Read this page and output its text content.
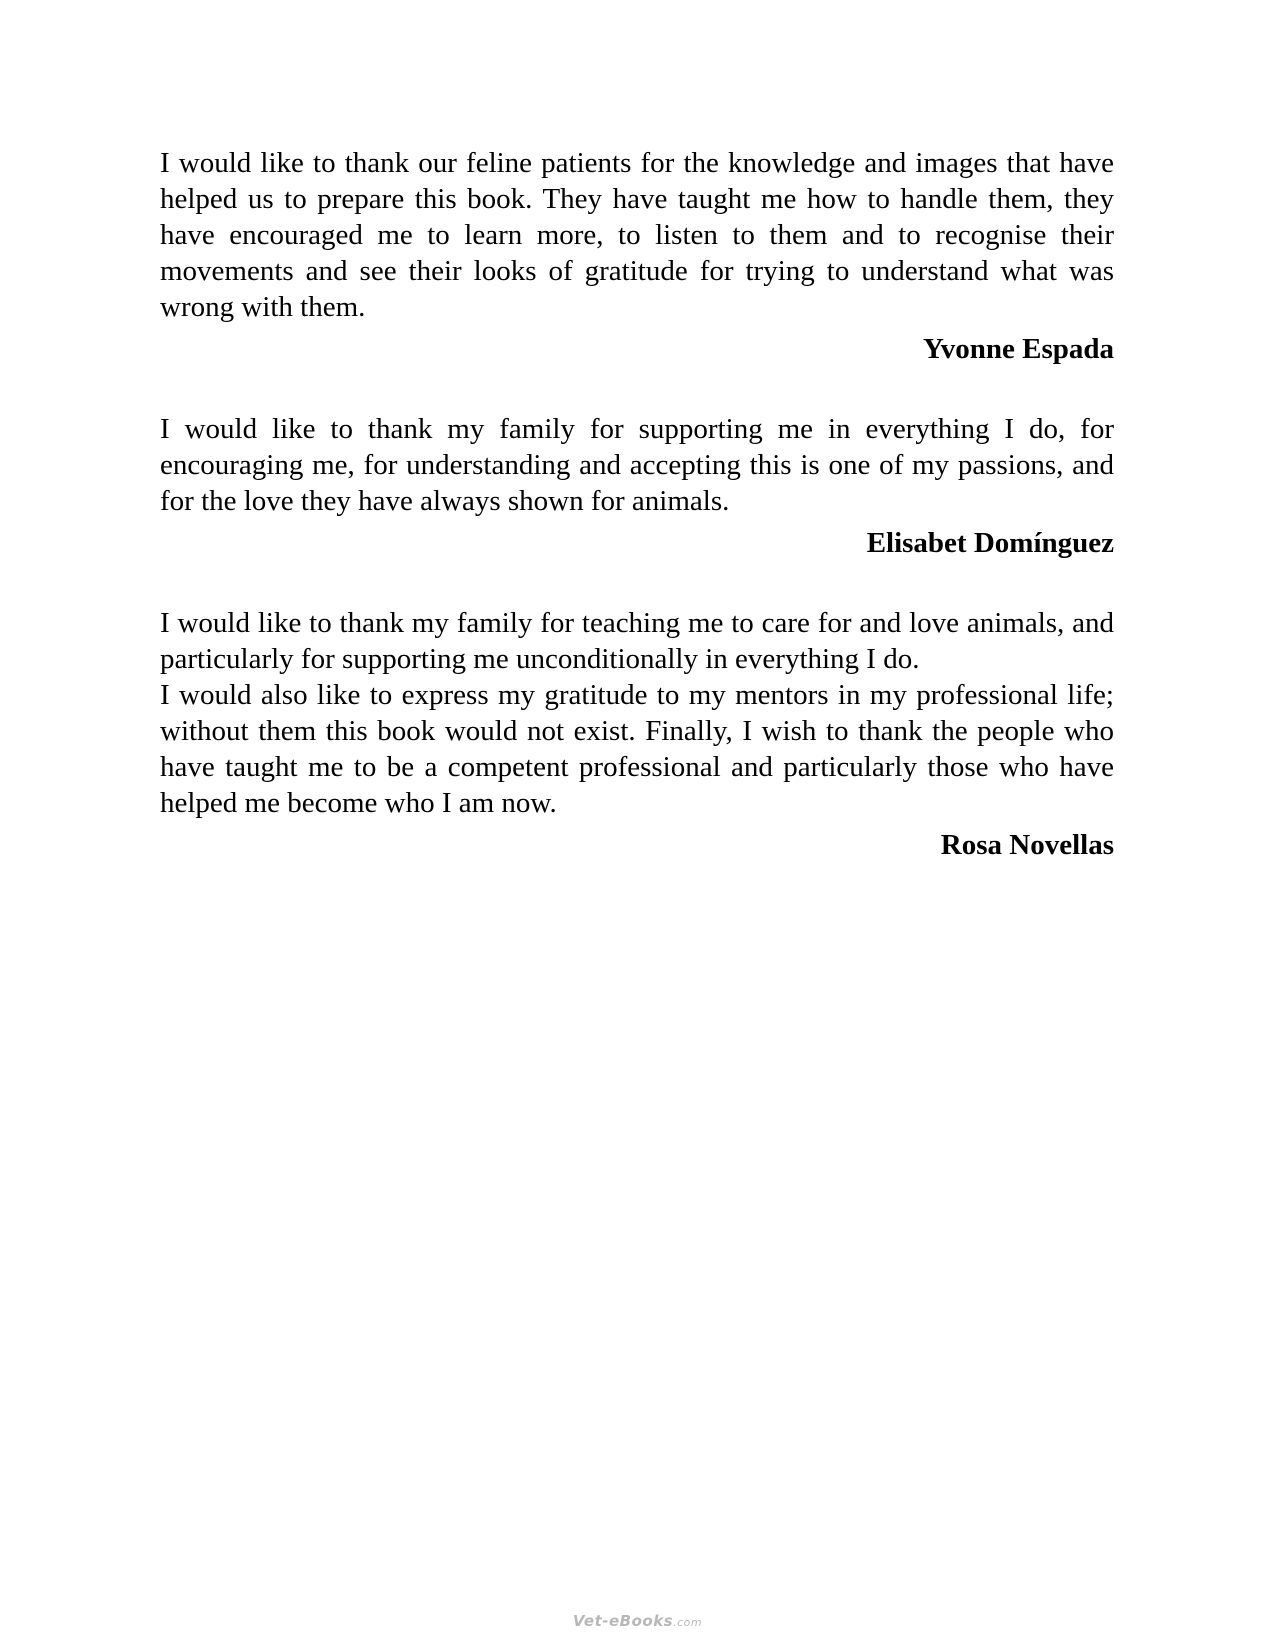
I would like to thank our feline patients for the knowledge and images that have helped us to prepare this book. They have taught me how to handle them, they have encouraged me to learn more, to listen to them and to recognise their movements and see their looks of gratitude for trying to understand what was wrong with them.

Yvonne Espada

I would like to thank my family for supporting me in everything I do, for encouraging me, for understanding and accepting this is one of my passions, and for the love they have always shown for animals.

Elisabet Domínguez

I would like to thank my family for teaching me to care for and love animals, and particularly for supporting me unconditionally in everything I do.

I would also like to express my gratitude to my mentors in my professional life; without them this book would not exist. Finally, I wish to thank the people who have taught me to be a competent professional and particularly those who have helped me become who I am now.

Rosa Novellas

Vet-eBooks.com
